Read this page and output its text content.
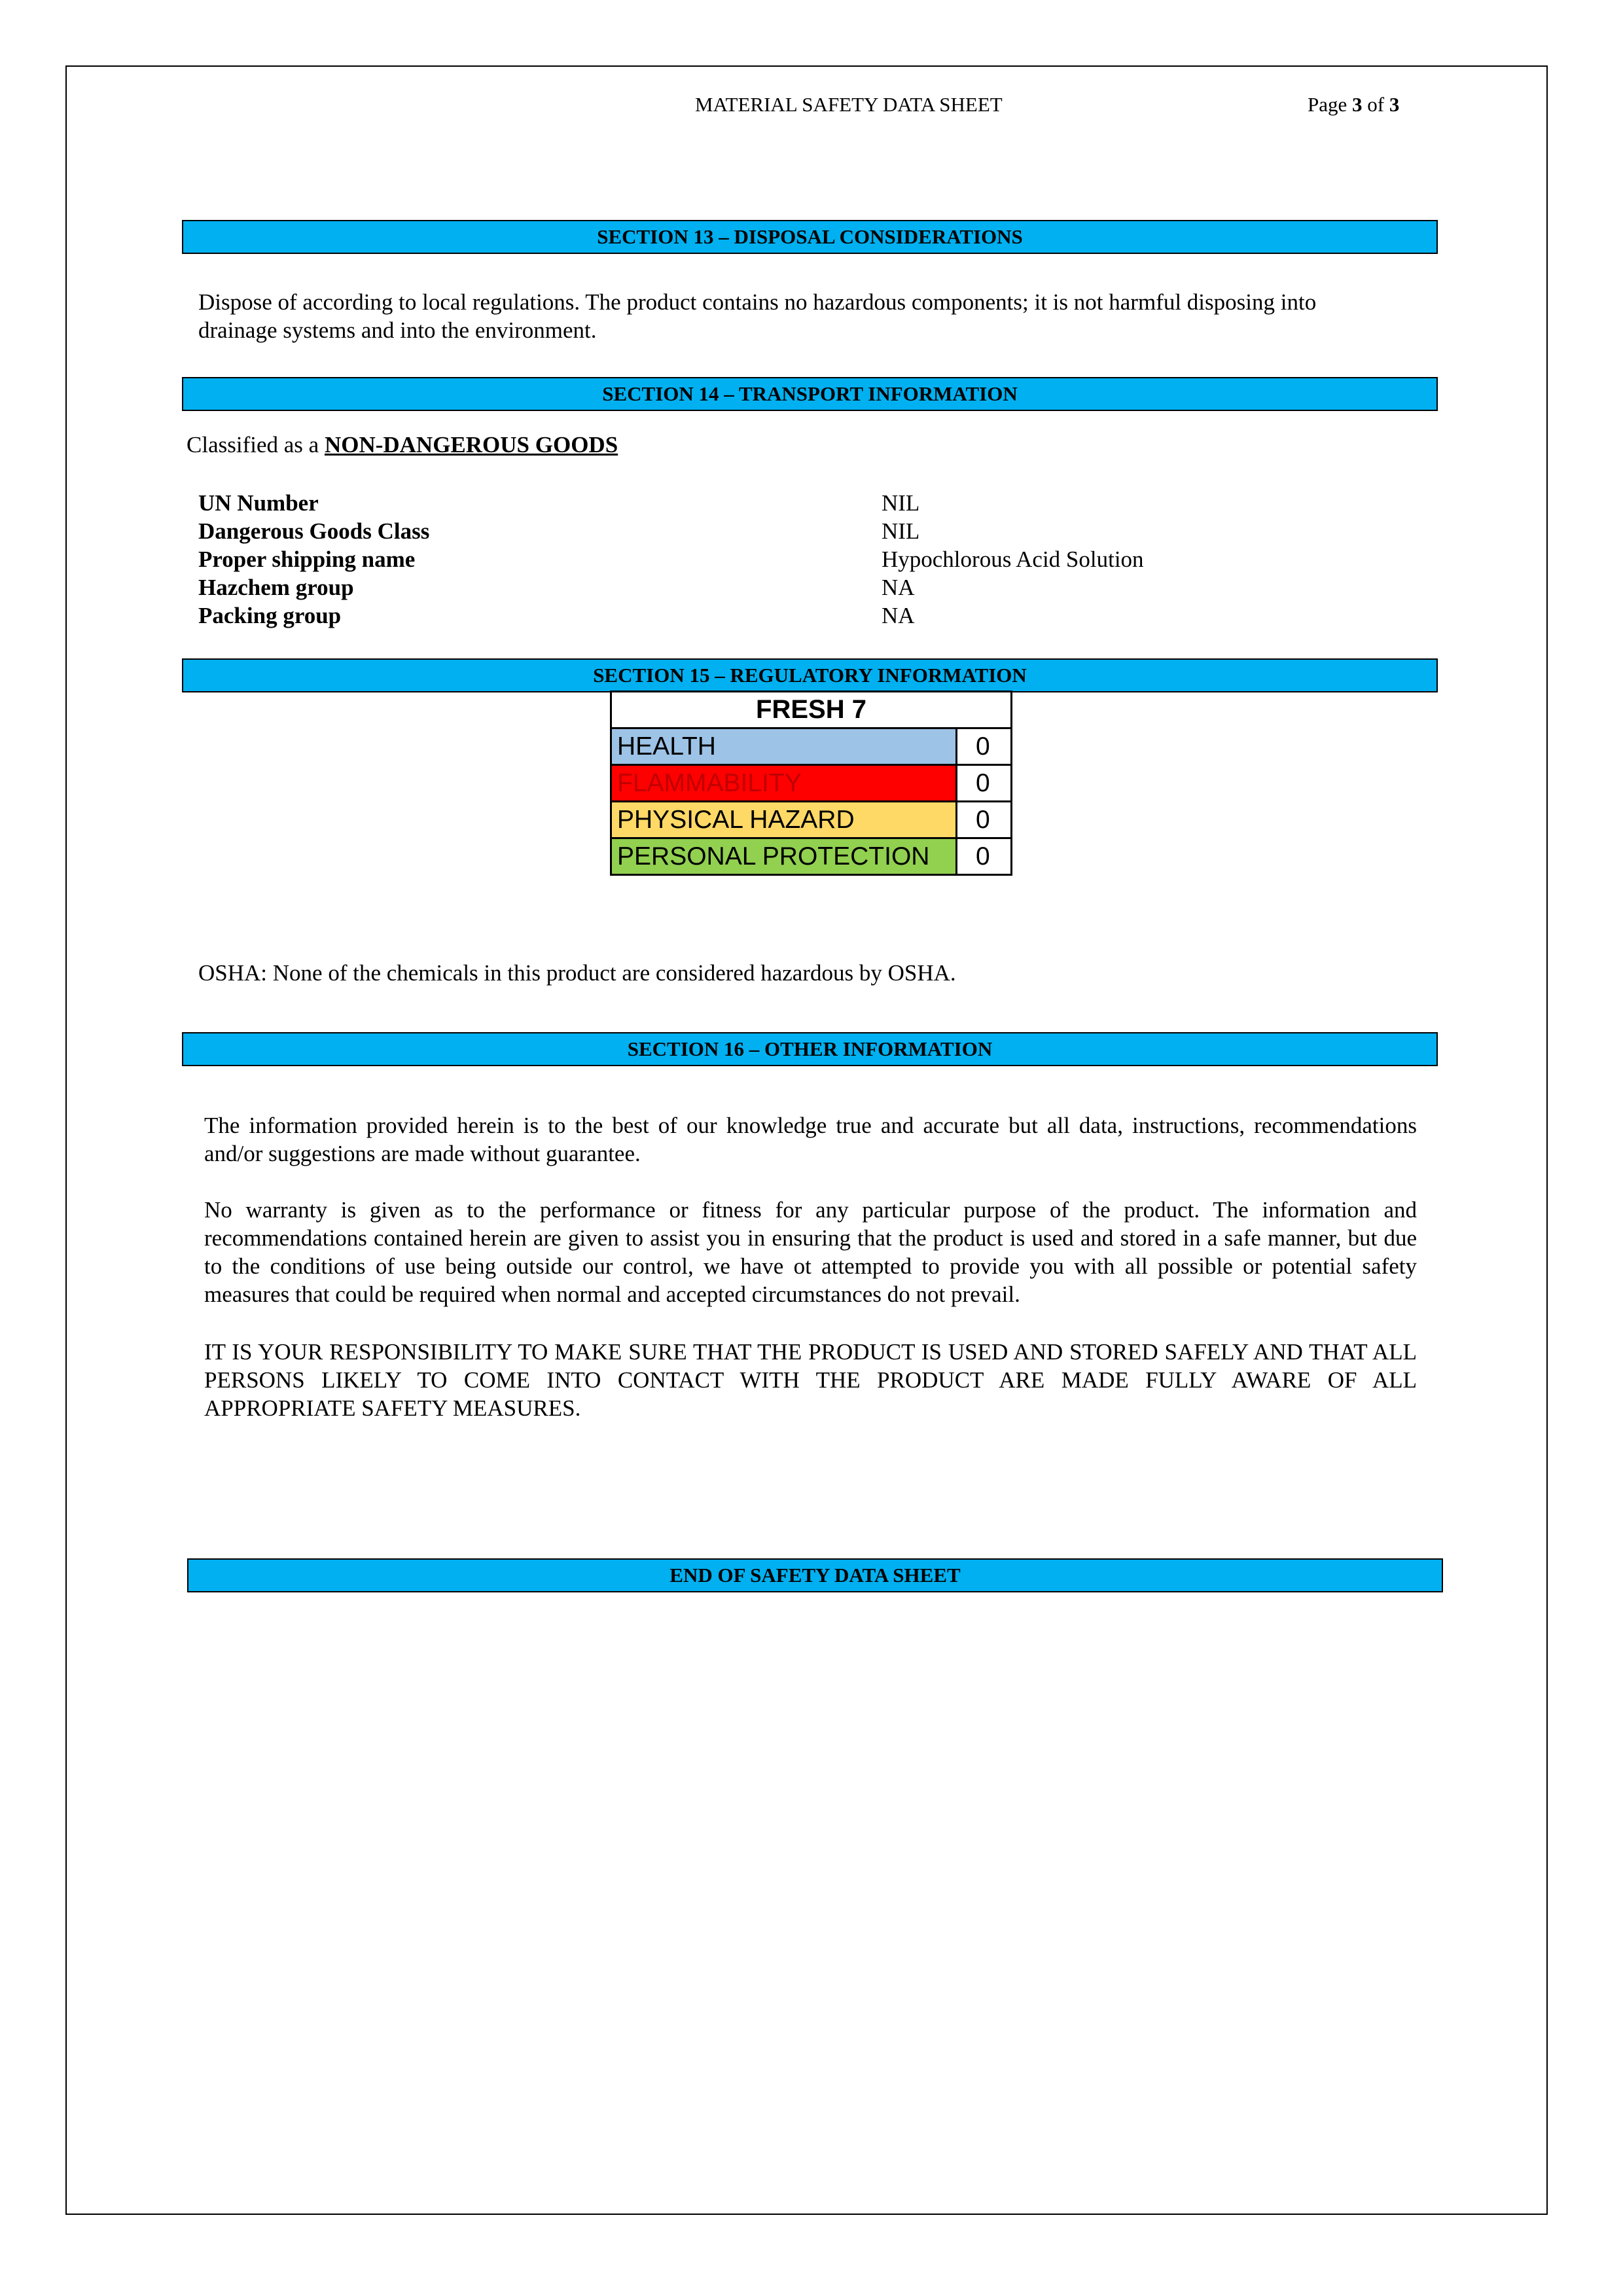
MATERIAL SAFETY DATA SHEET	Page 3 of 3
SECTION 13 – DISPOSAL CONSIDERATIONS
Dispose of according to local regulations. The product contains no hazardous components; it is not harmful disposing into
drainage systems and into the environment.
SECTION 14 – TRANSPORT INFORMATION
Classified as a NON-DANGEROUS GOODS
UN Number	NIL
Dangerous Goods Class	NIL
Proper shipping name	Hypochlorous Acid Solution
Hazchem group	NA
Packing group	NA
SECTION 15 – REGULATORY INFORMATION
FRESH 7	
HEALTH	0
FLAMMABILITY	0
PHYSICAL HAZARD	0
PERSONAL PROTECTION	0
OSHA: None of the chemicals in this product are considered hazardous by OSHA.
SECTION 16 – OTHER INFORMATION
The information provided herein is to the best of our knowledge true and accurate but all data, instructions, recommendations and/or suggestions are made without guarantee.
No warranty is given as to the performance or fitness for any particular purpose of the product. The information and recommendations contained herein are given to assist you in ensuring that the product is used and stored in a safe manner, but due to the conditions of use being outside our control, we have ot attempted to provide you with all possible or potential safety measures that could be required when normal and accepted circumstances do not prevail.
IT IS YOUR RESPONSIBILITY TO MAKE SURE THAT THE PRODUCT IS USED AND STORED SAFELY AND THAT ALL PERSONS LIKELY TO COME INTO CONTACT WITH THE PRODUCT ARE MADE FULLY AWARE OF ALL APPROPRIATE SAFETY MEASURES.
END OF SAFETY DATA SHEET
